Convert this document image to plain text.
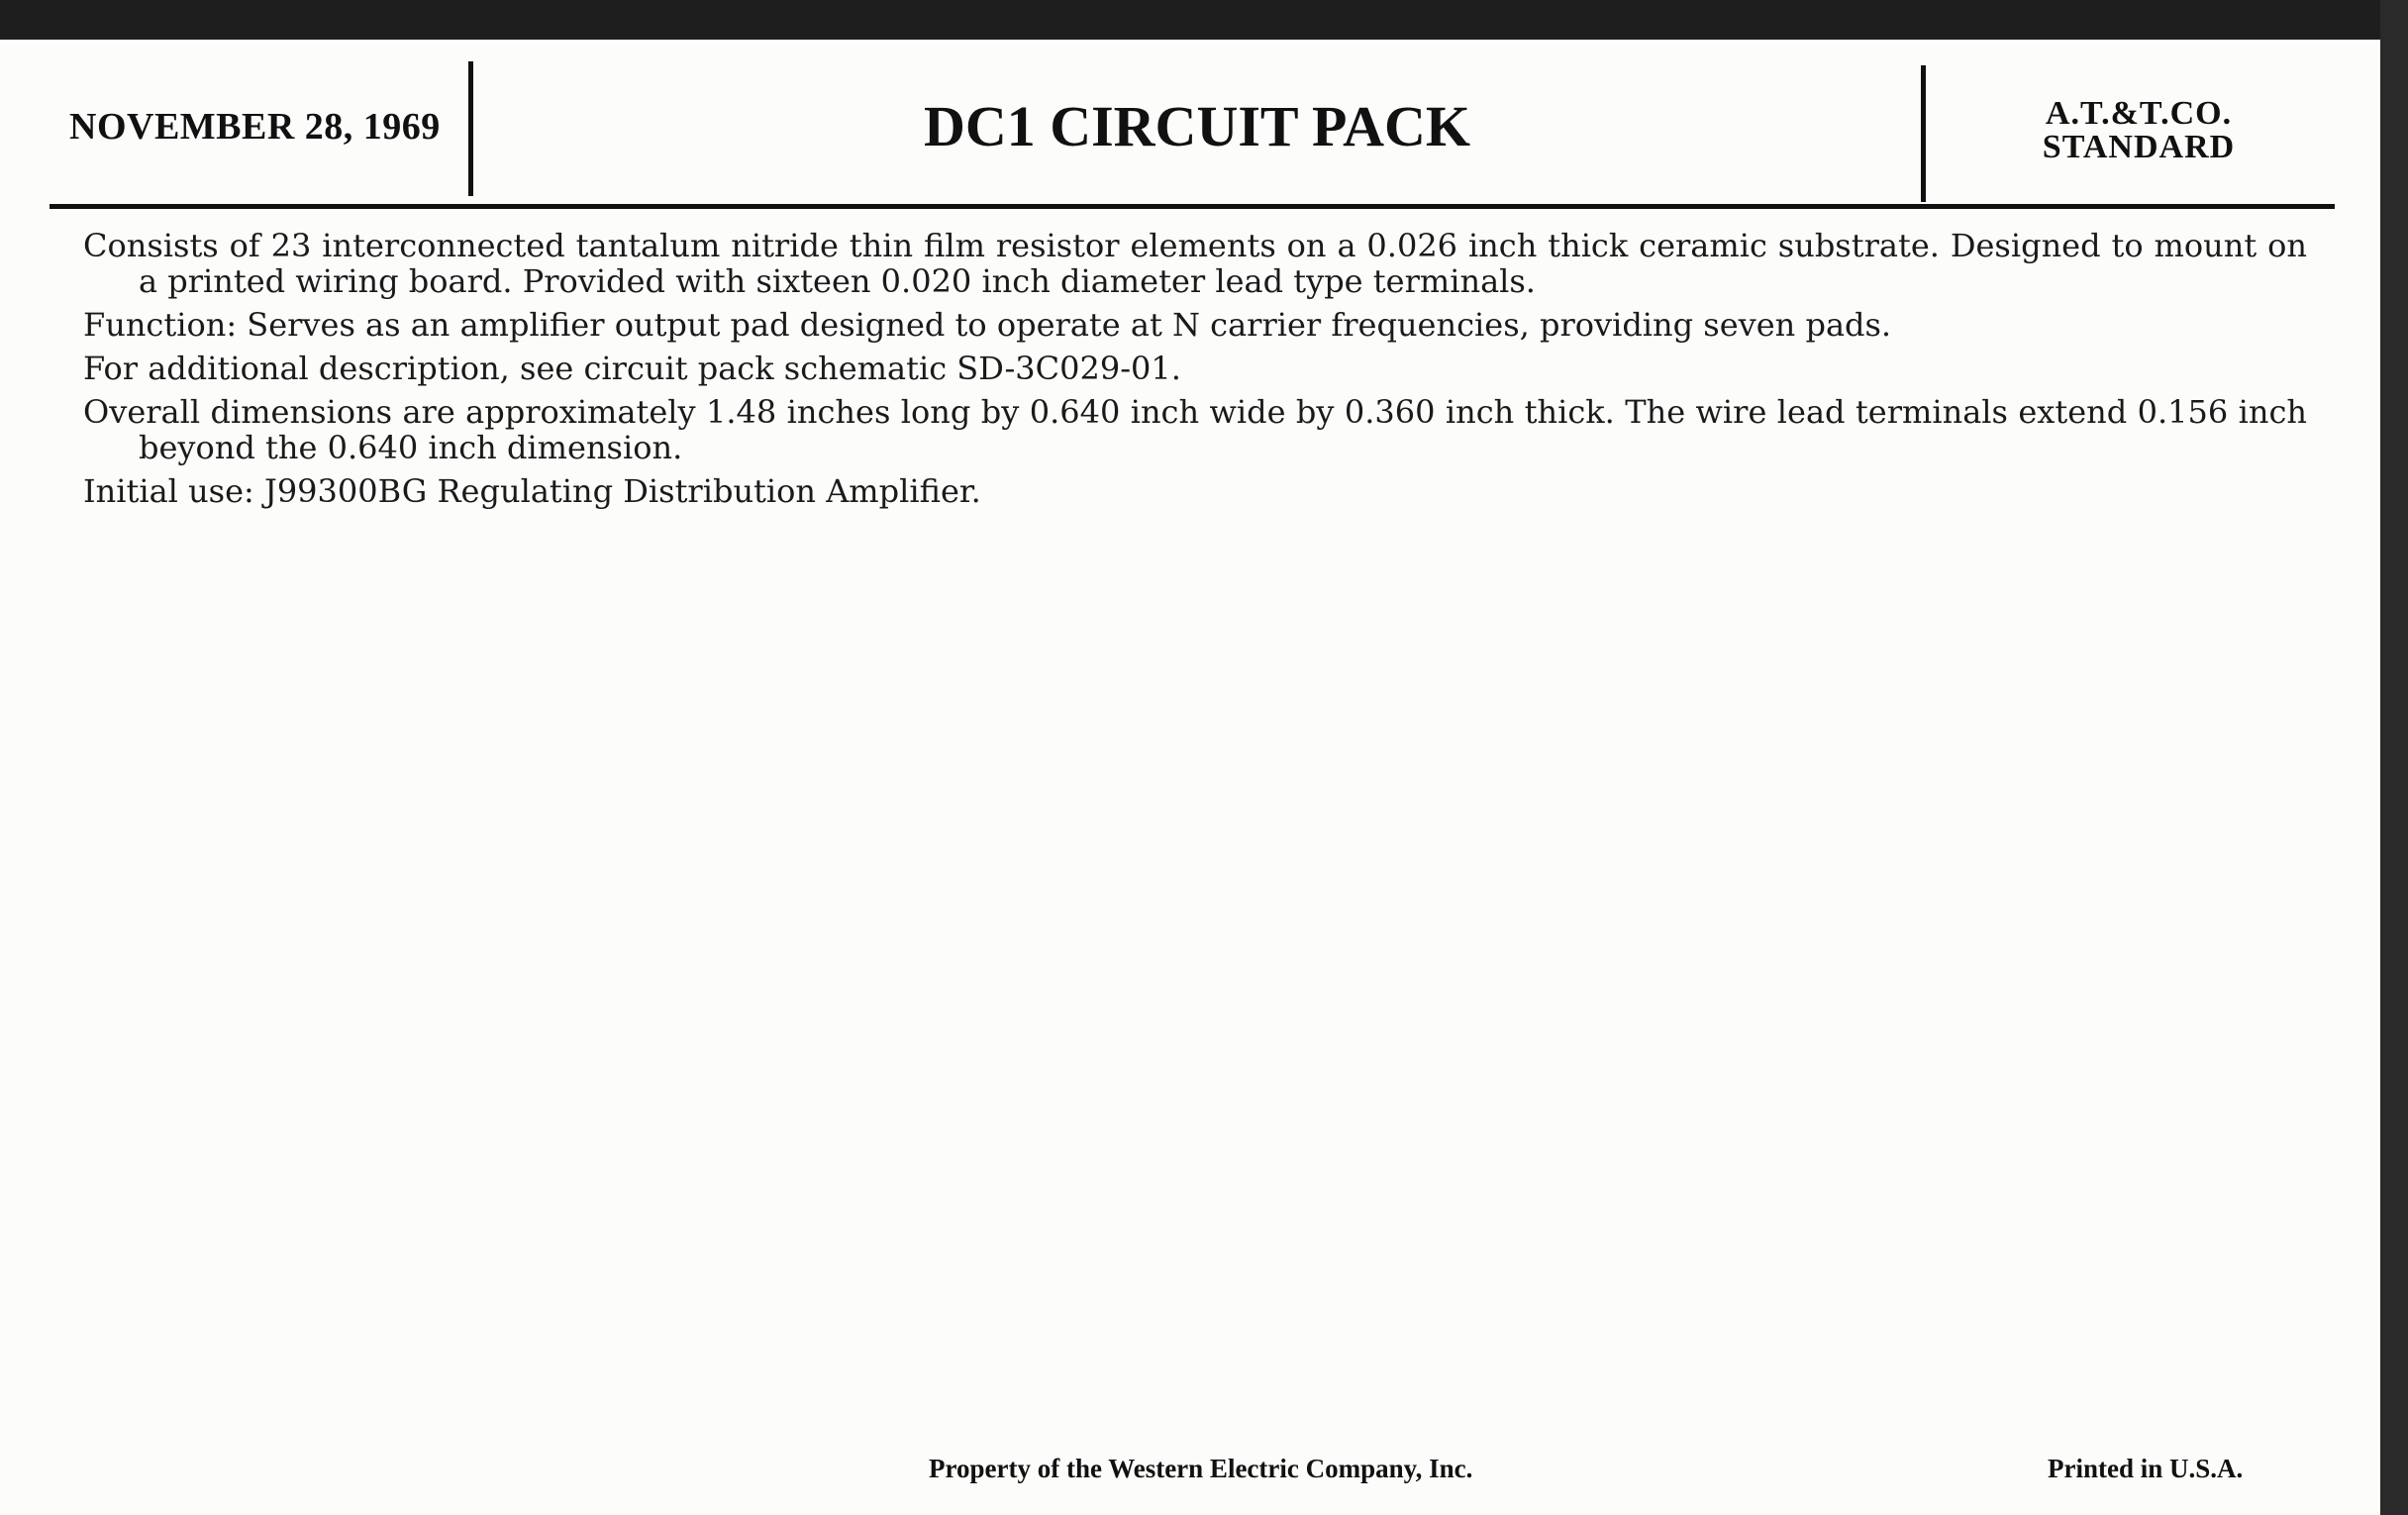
NOVEMBER 28, 1969	DC1 CIRCUIT PACK	A.T.&T.CO.
STANDARD

Consists of 23 interconnected tantalum nitride thin film resistor elements on a 0.026 inch thick ceramic substrate. Designed to mount on a printed wiring board. Provided with sixteen 0.020 inch diameter lead type terminals.

Function: Serves as an amplifier output pad designed to operate at N carrier frequencies, providing seven pads.

For additional description, see circuit pack schematic SD-3C029-01.

Overall dimensions are approximately 1.48 inches long by 0.640 inch wide by 0.360 inch thick. The wire lead terminals extend 0.156 inch beyond the 0.640 inch dimension.

Initial use: J99300BG Regulating Distribution Amplifier.

Property of the Western Electric Company, Inc.	Printed in U.S.A.
